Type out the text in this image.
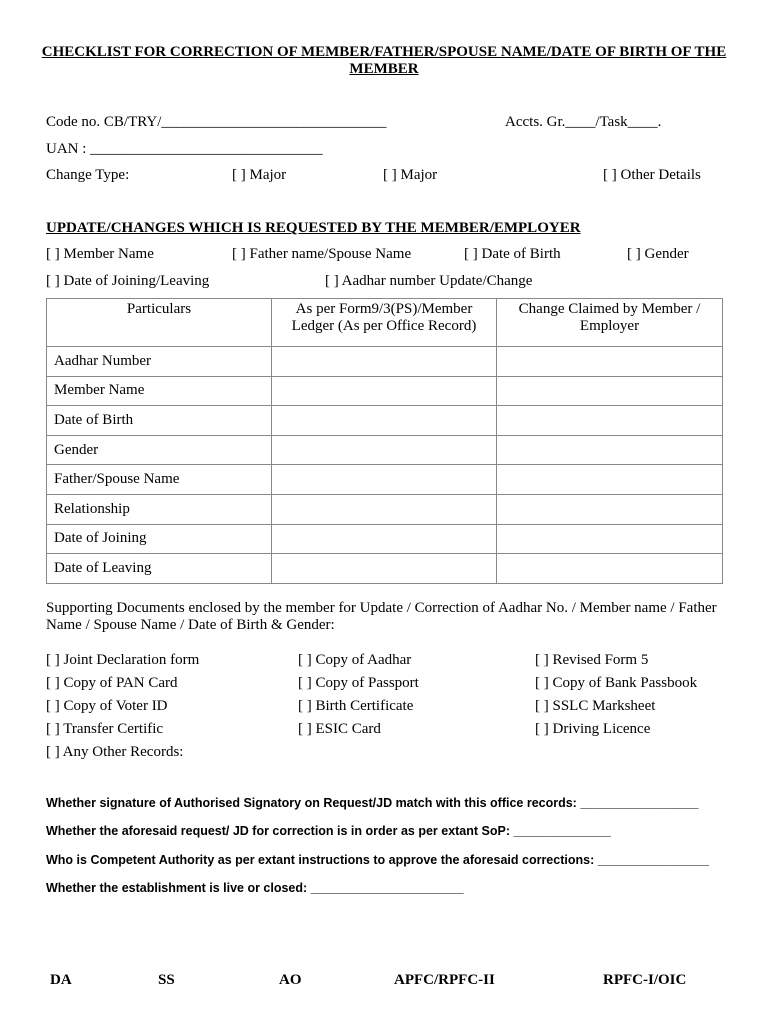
CHECKLIST FOR CORRECTION OF MEMBER/FATHER/SPOUSE NAME/DATE OF BIRTH OF THE MEMBER
Code no. CB/TRY/______________________________	Accts. Gr.____/Task____.
UAN : _______________________________
Change Type:	[ ] Major	[ ] Major	[ ] Other Details
UPDATE/CHANGES WHICH IS REQUESTED BY THE MEMBER/EMPLOYER
[ ] Member Name	[ ] Father name/Spouse Name	[ ] Date of Birth	[ ] Gender
[ ] Date of Joining/Leaving	[ ] Aadhar number Update/Change
Particulars	As per Form9/3(PS)/Member Ledger (As per Office Record)	Change Claimed by Member / Employer
Aadhar Number		
Member Name		
Date of Birth		
Gender		
Father/Spouse Name		
Relationship		
Date of Joining		
Date of Leaving		
Supporting Documents enclosed by the member for Update / Correction of Aadhar No. / Member name / Father Name / Spouse Name / Date of Birth & Gender:
[ ] Joint Declaration form
[ ] Copy of PAN Card
[ ] Copy of Voter ID
[ ] Transfer Certific
[ ] Any Other Records:
[ ] Copy of Aadhar
[ ] Copy of Passport
[ ] Birth Certificate
[ ] ESIC Card
[ ] Revised Form 5
[ ] Copy of Bank Passbook
[ ] SSLC Marksheet
[ ] Driving Licence
Whether signature of Authorised Signatory on Request/JD match with this office records: _________________
Whether the aforesaid request/ JD for correction is in order as per extant SoP: ______________
Who is Competent Authority as per extant instructions to approve the aforesaid corrections: ________________
Whether the establishment is live or closed: ______________________
DA	SS	AO	APFC/RPFC-II	RPFC-I/OIC
